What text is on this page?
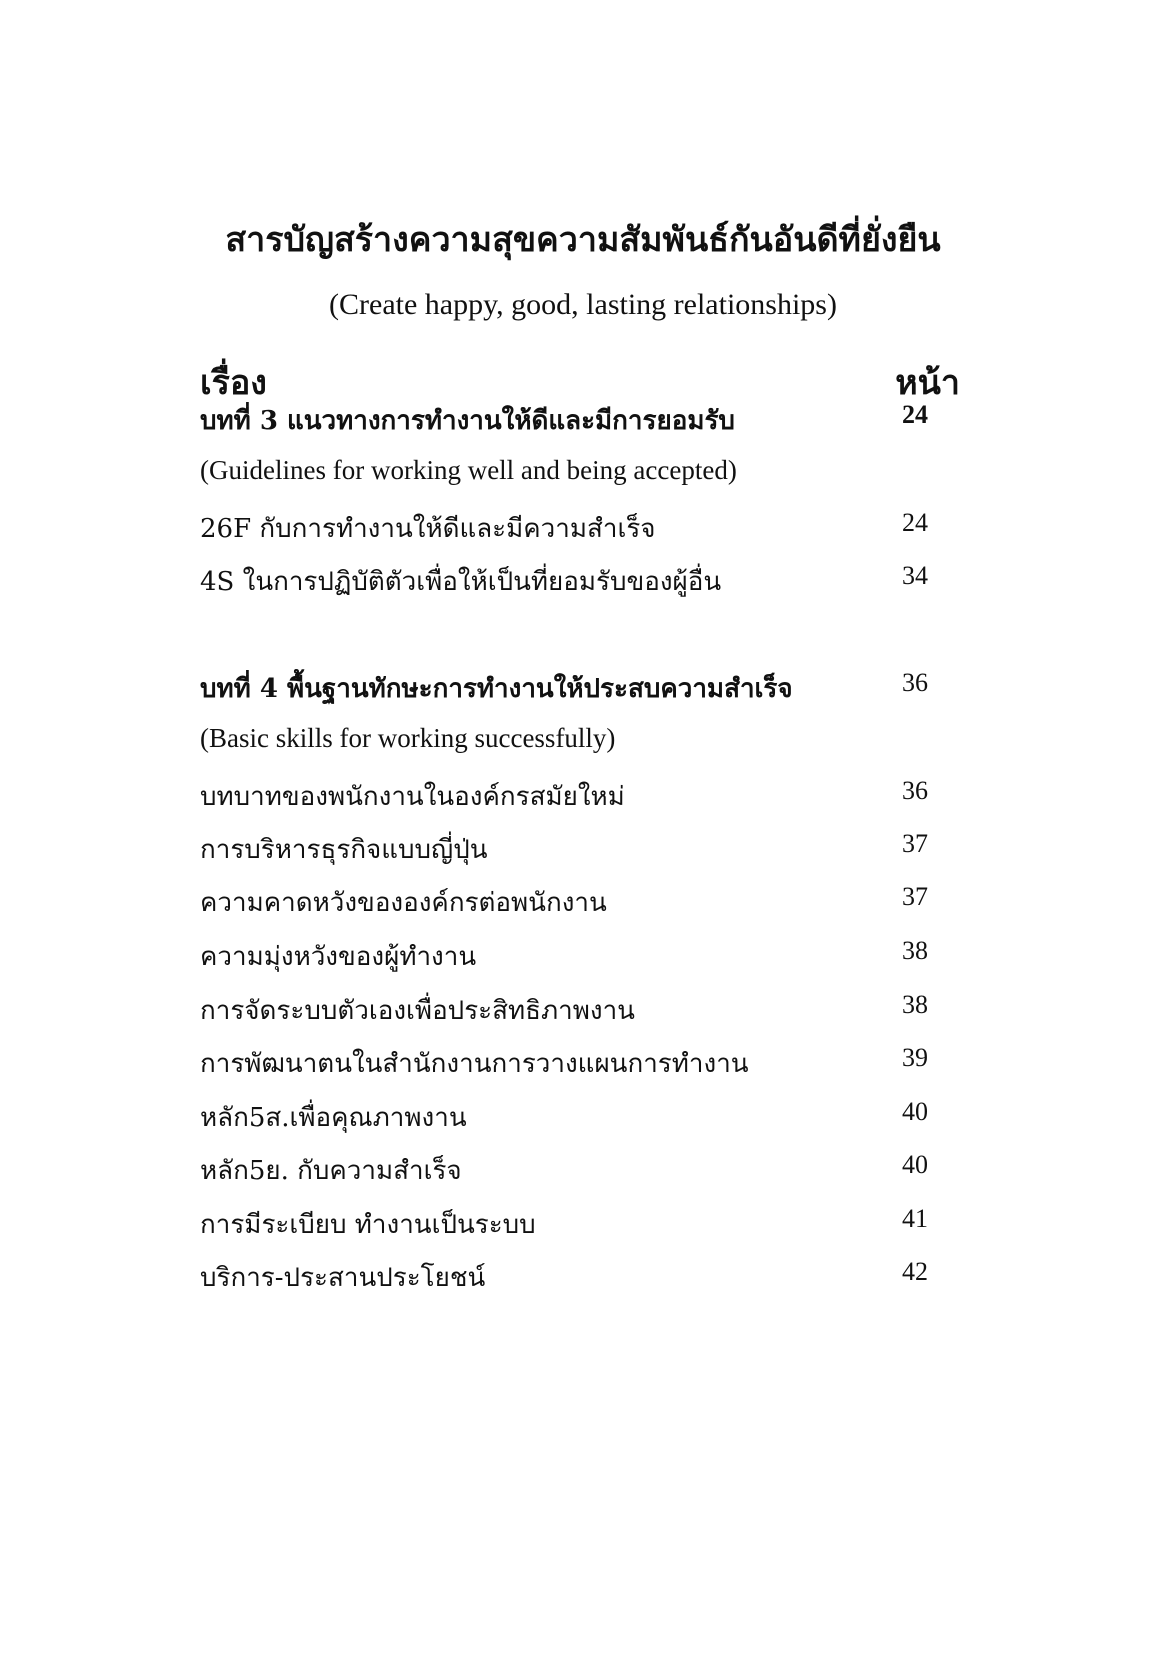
สารบัญสร้างความสุขความสัมพันธ์กันอันดีที่ยั่งยืน
(Create happy, good, lasting relationships)
เรื่อง	หน้า
บทที่ 3 แนวทางการทำงานให้ดีและมีการยอมรับ	24
(Guidelines for working well and being accepted)
26F กับการทำงานให้ดีและมีความสำเร็จ	24
4S ในการปฏิบัติตัวเพื่อให้เป็นที่ยอมรับของผู้อื่น	34
บทที่ 4 พื้นฐานทักษะการทำงานให้ประสบความสำเร็จ	36
(Basic skills for working successfully)
บทบาทของพนักงานในองค์กรสมัยใหม่	36
การบริหารธุรกิจแบบญี่ปุ่น	37
ความคาดหวังขององค์กรต่อพนักงาน	37
ความมุ่งหวังของผู้ทำงาน	38
การจัดระบบตัวเองเพื่อประสิทธิภาพงาน	38
การพัฒนาตนในสำนักงานการวางแผนการทำงาน	39
หลัก5ส.เพื่อคุณภาพงาน	40
หลัก5ย. กับความสำเร็จ	40
การมีระเบียบ ทำงานเป็นระบบ	41
บริการ-ประสานประโยชน์	42
